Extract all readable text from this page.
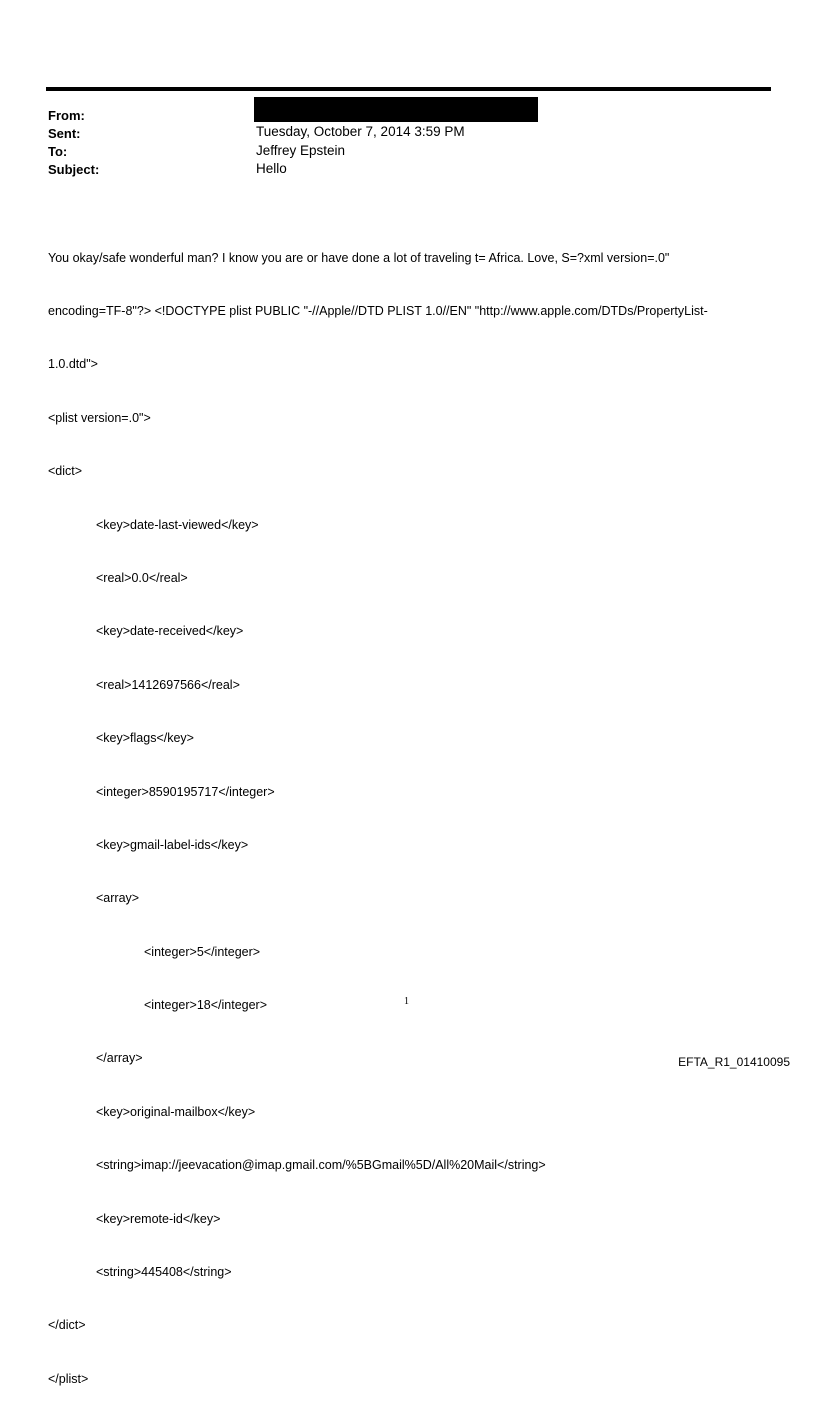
From:
Sent:	Tuesday, October 7, 2014 3:59 PM
To:	Jeffrey Epstein
Subject:	Hello

You okay/safe wonderful man? I know you are or have done a lot of traveling t= Africa. Love, S=?xml version=.0"

encoding=TF-8"?> <!DOCTYPE plist PUBLIC "-//Apple//DTD PLIST 1.0//EN" "http://www.apple.com/DTDs/PropertyList-

1.0.dtd">

<plist version=.0">

<dict>

<key>date-last-viewed</key>

<real>0.0</real>

<key>date-received</key>

<real>1412697566</real>

<key>flags</key>

<integer>8590195717</integer>

<key>gmail-label-ids</key>

<array>

<integer>5</integer>

<integer>18</integer>

</array>

<key>original-mailbox</key>

<string>imap://jeevacation@imap.gmail.com/%5BGmail%5D/All%20Mail</string>

<key>remote-id</key>

<string>445408</string>

</dict>

</plist>

1
EFTA_R1_01410095
